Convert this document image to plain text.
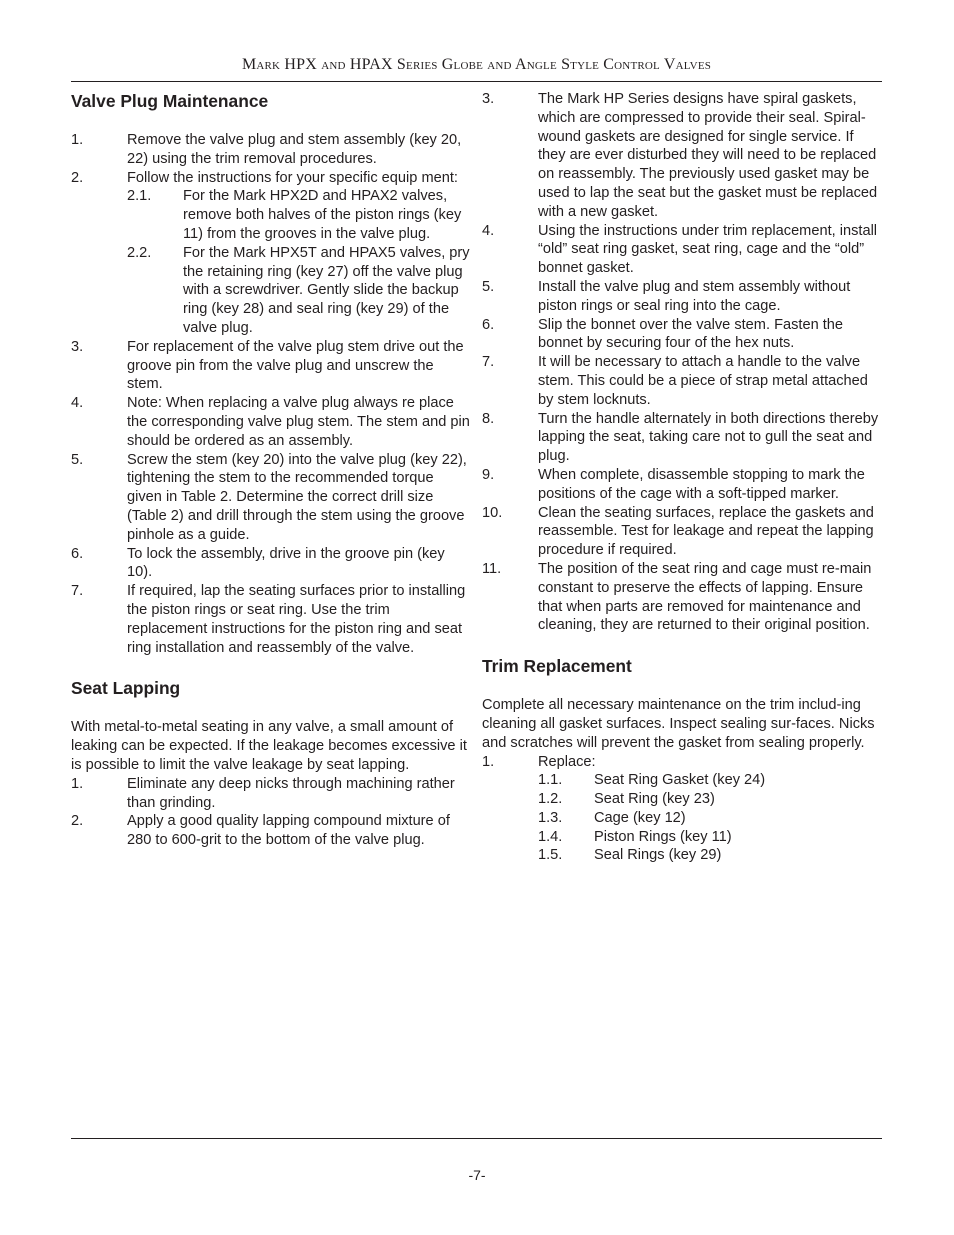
Mark HPX and HPAX Series Globe and Angle Style Control Valves
Valve Plug Maintenance
1.	Remove the valve plug and stem assembly (key 20, 22) using the trim removal procedures.
2.	Follow the instructions for your specific equip ment:
2.1.	For the Mark HPX2D and HPAX2 valves, remove both halves of the piston rings (key 11) from the grooves in the valve plug.
2.2.	For the Mark HPX5T and HPAX5 valves, pry the retaining ring (key 27) off the valve plug with a screwdriver. Gently slide the backup ring (key 28) and seal ring (key 29) of the valve plug.
3.	For replacement of the valve plug stem drive out the groove pin from the valve plug and unscrew the stem.
4.	Note: When replacing a valve plug always re place the corresponding valve plug stem. The stem and pin should be ordered as an assembly.
5.	Screw the stem (key 20) into the valve plug (key 22), tightening the stem to the recommended torque given in Table 2. Determine the correct drill size (Table 2) and drill through the stem using the groove pinhole as a guide.
6.	To lock the assembly, drive in the groove pin (key 10).
7.	If required, lap the seating surfaces prior to installing the piston rings or seat ring. Use the trim replacement instructions for the piston ring and seat ring installation and reassembly of the valve.
Seat Lapping

With metal-to-metal seating in any valve, a small amount of leaking can be expected. If the leakage becomes excessive it is possible to limit the valve leakage by seat lapping.

1.	Eliminate any deep nicks through machining rather than grinding.
2.	Apply a good quality lapping compound mixture of 280 to 600-grit to the bottom of the valve plug.
3.	The Mark HP Series designs have spiral gaskets, which are compressed to provide their seal. Spiral-wound gaskets are designed for single service. If they are ever disturbed they will need to be replaced on reassembly. The previously used gasket may be used to lap the seat but the gasket must be replaced with a new gasket.
4.	Using the instructions under trim replacement, install “old” seat ring gasket, seat ring, cage and the “old” bonnet gasket.
5.	Install the valve plug and stem assembly without piston rings or seal ring into the cage.
6.	Slip the bonnet over the valve stem. Fasten the bonnet by securing four of the hex nuts.
7.	It will be necessary to attach a handle to the valve stem. This could be a piece of strap metal attached by stem locknuts.
8.	Turn the handle alternately in both directions thereby lapping the seat, taking care not to gull the seat and plug.
9.	When complete, disassemble stopping to mark the positions of the cage with a soft-tipped marker.
10.	Clean the seating surfaces, replace the gaskets and reassemble. Test for leakage and repeat the lapping procedure if required.
11.	The position of the seat ring and cage must re-main constant to preserve the effects of lapping. Ensure that when parts are removed for maintenance and cleaning, they are returned to their original position.
Trim Replacement

Complete all necessary maintenance on the trim includ-ing cleaning all gasket surfaces. Inspect sealing sur-faces. Nicks and scratches will prevent the gasket from sealing properly.

1.	Replace:
1.1.	Seat Ring Gasket (key 24)
1.2.	Seat Ring (key 23)
1.3.	Cage (key 12)
1.4.	Piston Rings (key 11)
1.5.	Seal Rings (key 29)
-7-
